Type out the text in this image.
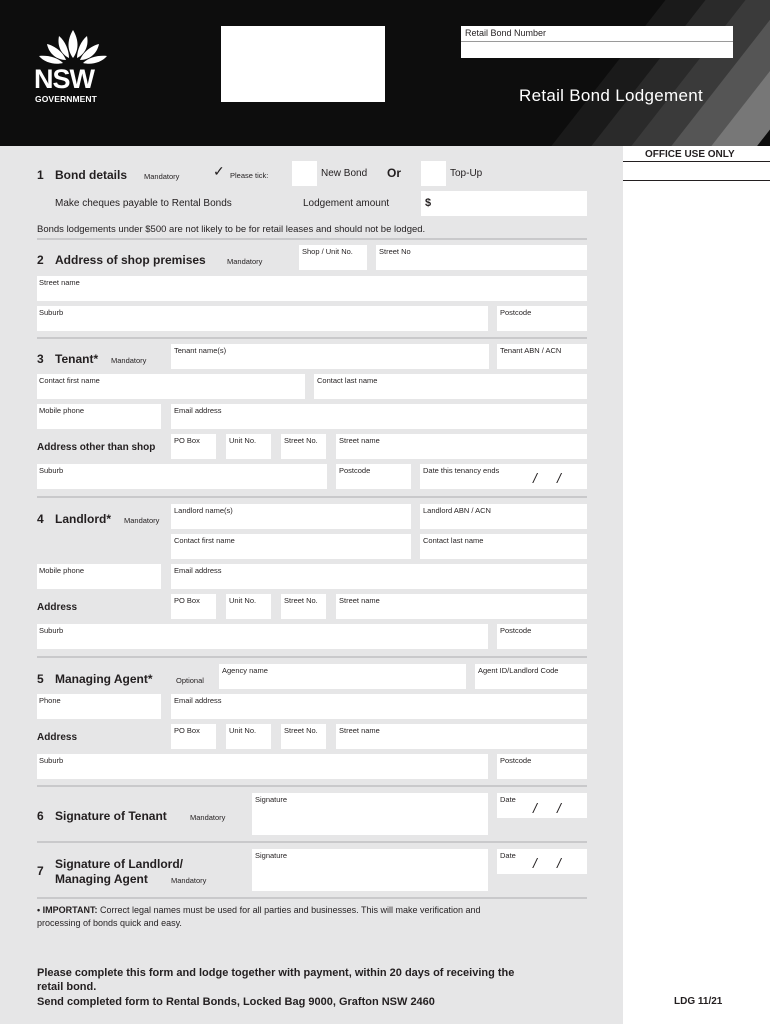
NSW
GOVERNMENT
Retail Bond Number
Retail Bond Lodgement
OFFICE USE ONLY
LDG 11/21
1 Bond details Mandatory ✓ Please tick:	New Bond Or	Top-Up
Make cheques payable to Rental Bonds	Lodgement amount	$
Bonds lodgements under $500 are not likely to be for retail leases and should not be lodged.
2 Address of shop premises	Mandatory
Shop / Unit No.	Street No
Street name
Suburb	Postcode
3 Tenant* Mandatory
Tenant name(s)	Tenant ABN / ACN
Contact first name	Contact last name
Mobile phone	Email address
Address other than shop
PO Box	Unit No.	Street No.	Street name
Suburb	Postcode	Date this tenancy ends / /
4 Landlord* Mandatory
Landlord name(s)	Landlord ABN / ACN
Contact first name	Contact last name
Mobile phone	Email address
Address
PO Box	Unit No.	Street No.	Street name
Suburb	Postcode
5 Managing Agent*	Optional
Agency name	Agent ID/Landlord Code
Phone	Email address
Address
PO Box	Unit No.	Street No.	Street name
Suburb	Postcode
6 Signature of Tenant	Mandatory
Signature	Date
/ /
7 Signature of Landlord/
Managing Agent	Mandatory
Signature	Date / /
• IMPORTANT: Correct legal names must be used for all parties and businesses. This will make verification and
processing of bonds quick and easy.
Please complete this form and lodge together with payment, within 20 days of receiving the
retail bond.
Send completed form to Rental Bonds, Locked Bag 9000, Grafton NSW 2460
